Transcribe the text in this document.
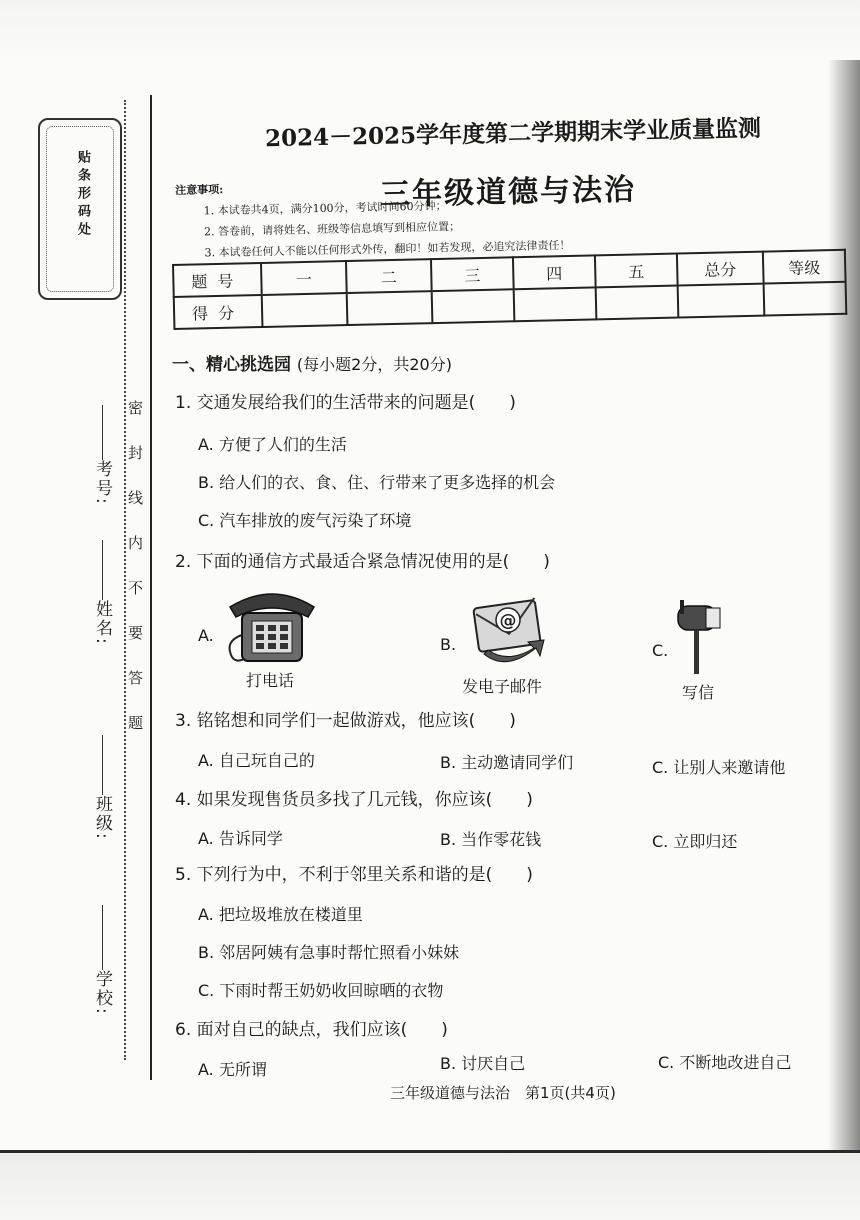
贴条形码处
密封线内不要答题
考号:
姓名:
班级:
学校:
2024－2025学年度第二学期期末学业质量监测
三年级道德与法治
注意事项:
1. 本试卷共4页，满分100分，考试时间60分钟；
2. 答卷前，请将姓名、班级等信息填写到相应位置；
3. 本试卷任何人不能以任何形式外传，翻印！如若发现，必追究法律责任！
题号	一	二	三	四	五	总分	等级
得分							
一、精心挑选园 (每小题2分，共20分)
1. 交通发展给我们的生活带来的问题是(　　)
A. 方便了人们的生活
B. 给人们的衣、食、住、行带来了更多选择的机会
C. 汽车排放的废气污染了环境
2. 下面的通信方式最适合紧急情况使用的是(　　)
A.	B.	C.
打电话
@
发电子邮件	写信
3. 铭铭想和同学们一起做游戏，他应该(　　)
A. 自己玩自己的	B. 主动邀请同学们	C. 让别人来邀请他
4. 如果发现售货员多找了几元钱，你应该(　　)
A. 告诉同学	B. 当作零花钱	C. 立即归还
5. 下列行为中，不利于邻里关系和谐的是(　　)
A. 把垃圾堆放在楼道里
B. 邻居阿姨有急事时帮忙照看小妹妹
C. 下雨时帮王奶奶收回晾晒的衣物
6. 面对自己的缺点，我们应该(　　)
A. 无所谓	B. 讨厌自己	C. 不断地改进自己
三年级道德与法治　第1页(共4页)
